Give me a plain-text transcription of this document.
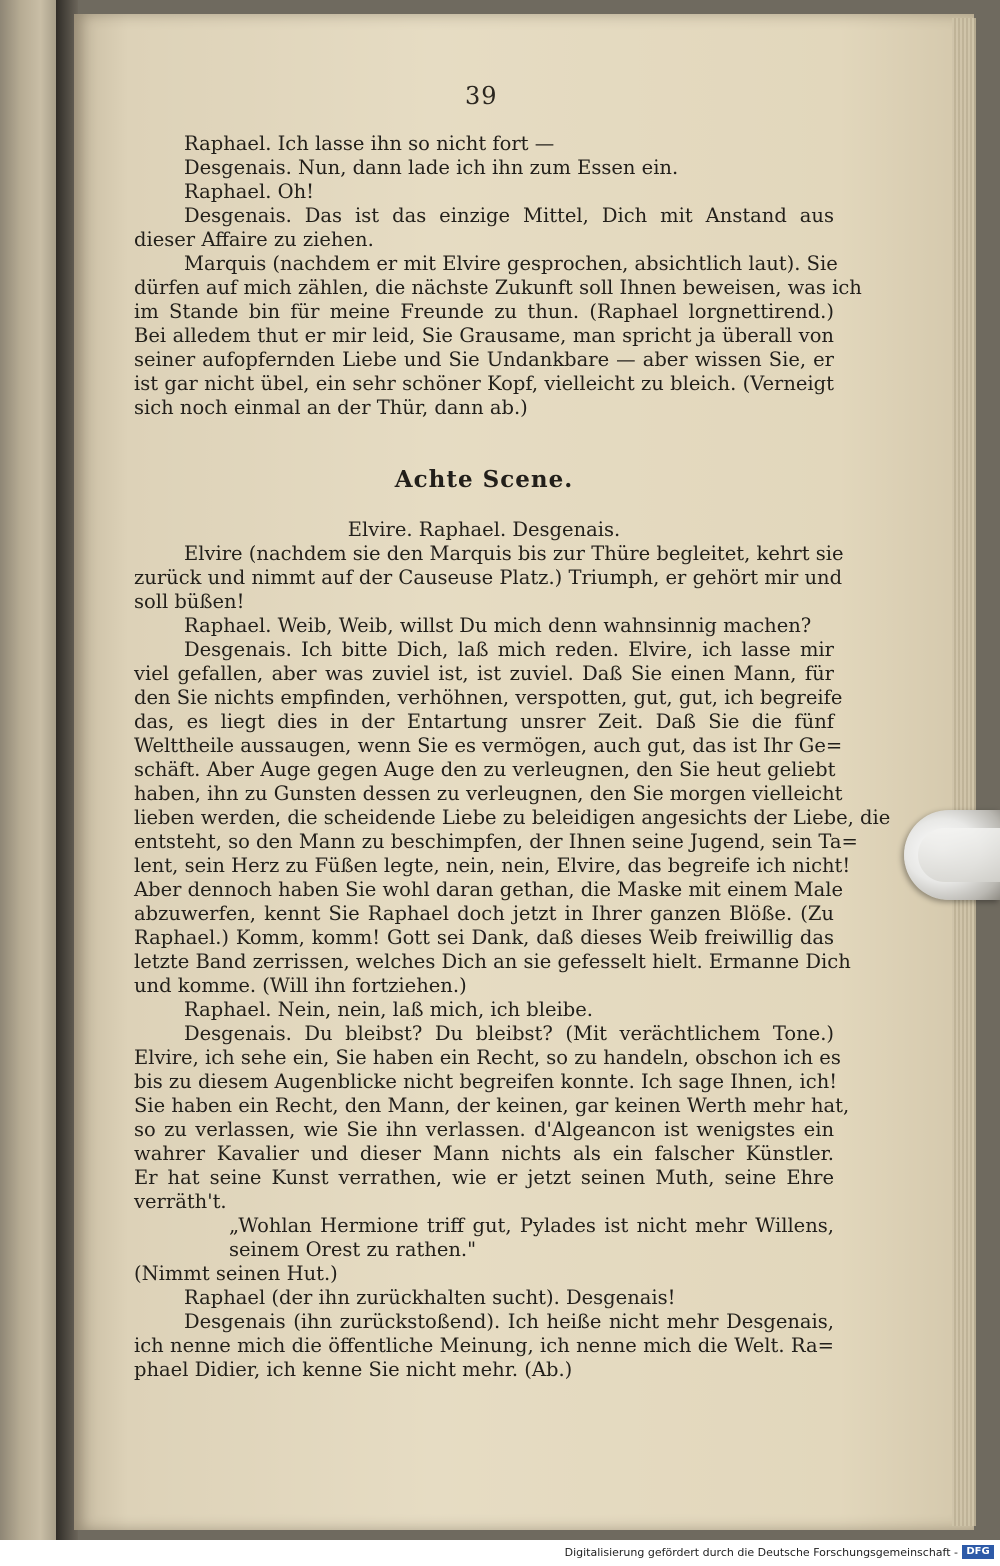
39
Raphael. Ich lasse ihn so nicht fort —
Desgenais. Nun, dann lade ich ihn zum Essen ein.
Raphael. Oh!
Desgenais. Das ist das einzige Mittel, Dich mit Anstand aus
dieser Affaire zu ziehen.
Marquis (nachdem er mit Elvire gesprochen, absichtlich laut). Sie
dürfen auf mich zählen, die nächste Zukunft soll Ihnen beweisen, was ich
im Stande bin für meine Freunde zu thun. (Raphael lorgnettirend.)
Bei alledem thut er mir leid, Sie Grausame, man spricht ja überall von
seiner aufopfernden Liebe und Sie Undankbare — aber wissen Sie, er
ist gar nicht übel, ein sehr schöner Kopf, vielleicht zu bleich. (Verneigt
sich noch einmal an der Thür, dann ab.)
Achte Scene.
Elvire. Raphael. Desgenais.
Elvire (nachdem sie den Marquis bis zur Thüre begleitet, kehrt sie
zurück und nimmt auf der Causeuse Platz.) Triumph, er gehört mir und
soll büßen!
Raphael. Weib, Weib, willst Du mich denn wahnsinnig machen?
Desgenais. Ich bitte Dich, laß mich reden. Elvire, ich lasse mir
viel gefallen, aber was zuviel ist, ist zuviel. Daß Sie einen Mann, für
den Sie nichts empfinden, verhöhnen, verspotten, gut, gut, ich begreife
das, es liegt dies in der Entartung unsrer Zeit. Daß Sie die fünf
Welttheile aussaugen, wenn Sie es vermögen, auch gut, das ist Ihr Ge=
schäft. Aber Auge gegen Auge den zu verleugnen, den Sie heut geliebt
haben, ihn zu Gunsten dessen zu verleugnen, den Sie morgen vielleicht
lieben werden, die scheidende Liebe zu beleidigen angesichts der Liebe, die
entsteht, so den Mann zu beschimpfen, der Ihnen seine Jugend, sein Ta=
lent, sein Herz zu Füßen legte, nein, nein, Elvire, das begreife ich nicht!
Aber dennoch haben Sie wohl daran gethan, die Maske mit einem Male
abzuwerfen, kennt Sie Raphael doch jetzt in Ihrer ganzen Blöße. (Zu
Raphael.) Komm, komm! Gott sei Dank, daß dieses Weib freiwillig das
letzte Band zerrissen, welches Dich an sie gefesselt hielt. Ermanne Dich
und komme. (Will ihn fortziehen.)
Raphael. Nein, nein, laß mich, ich bleibe.
Desgenais. Du bleibst? Du bleibst? (Mit verächtlichem Tone.)
Elvire, ich sehe ein, Sie haben ein Recht, so zu handeln, obschon ich es
bis zu diesem Augenblicke nicht begreifen konnte. Ich sage Ihnen, ich!
Sie haben ein Recht, den Mann, der keinen, gar keinen Werth mehr hat,
so zu verlassen, wie Sie ihn verlassen. d'Algeancon ist wenigstes ein
wahrer Kavalier und dieser Mann nichts als ein falscher Künstler.
Er hat seine Kunst verrathen, wie er jetzt seinen Muth, seine Ehre
verräth't.
„Wohlan Hermione triff gut, Pylades ist nicht mehr Willens,
seinem Orest zu rathen."
(Nimmt seinen Hut.)
Raphael (der ihn zurückhalten sucht). Desgenais!
Desgenais (ihn zurückstoßend). Ich heiße nicht mehr Desgenais,
ich nenne mich die öffentliche Meinung, ich nenne mich die Welt. Ra=
phael Didier, ich kenne Sie nicht mehr. (Ab.)
Digitalisierung gefördert durch die Deutsche Forschungsgemeinschaft - DFG
